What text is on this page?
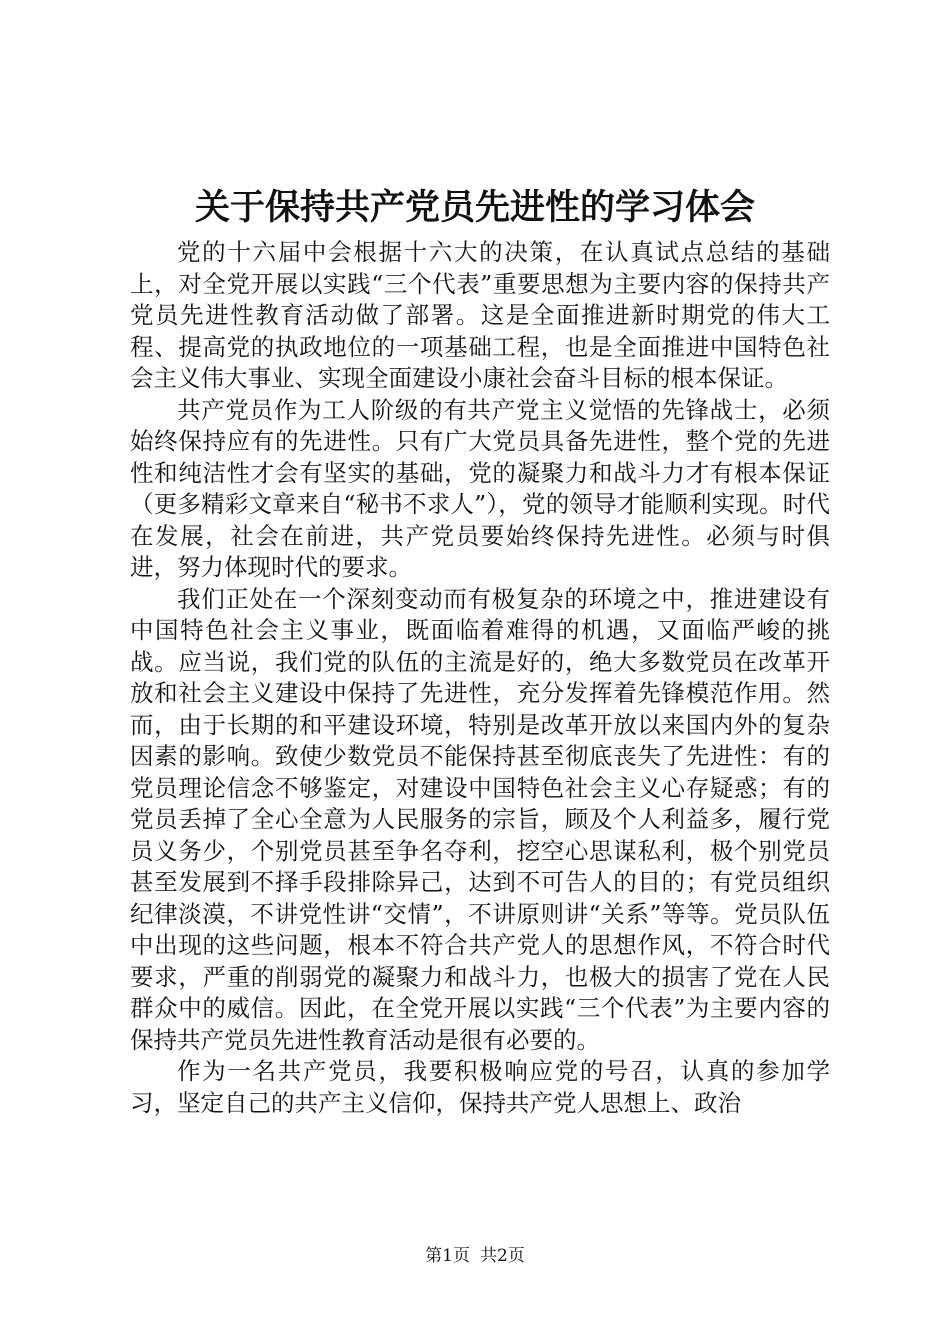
关于保持共产党员先进性的学习体会

党的十六届中会根据十六大的决策，在认真试点总结的基础上，对全党开展以实践“三个代表”重要思想为主要内容的保持共产党员先进性教育活动做了部署。这是全面推进新时期党的伟大工程、提高党的执政地位的一项基础工程，也是全面推进中国特色社会主义伟大事业、实现全面建设小康社会奋斗目标的根本保证。

共产党员作为工人阶级的有共产党主义觉悟的先锋战士，必须始终保持应有的先进性。只有广大党员具备先进性，整个党的先进性和纯洁性才会有坚实的基础，党的凝聚力和战斗力才有根本保证（更多精彩文章来自“秘书不求人”），党的领导才能顺利实现。时代在发展，社会在前进，共产党员要始终保持先进性。必须与时俱进，努力体现时代的要求。

我们正处在一个深刻变动而有极复杂的环境之中，推进建设有中国特色社会主义事业，既面临着难得的机遇，又面临严峻的挑战。应当说，我们党的队伍的主流是好的，绝大多数党员在改革开放和社会主义建设中保持了先进性，充分发挥着先锋模范作用。然而，由于长期的和平建设环境，特别是改革开放以来国内外的复杂因素的影响。致使少数党员不能保持甚至彻底丧失了先进性：有的党员理论信念不够鉴定，对建设中国特色社会主义心存疑惑；有的党员丢掉了全心全意为人民服务的宗旨，顾及个人利益多，履行党员义务少，个别党员甚至争名夺利，挖空心思谋私利，极个别党员甚至发展到不择手段排除异己，达到不可告人的目的；有党员组织纪律淡漠，不讲党性讲“交情”，不讲原则讲“关系”等等。党员队伍中出现的这些问题，根本不符合共产党人的思想作风，不符合时代要求，严重的削弱党的凝聚力和战斗力，也极大的损害了党在人民群众中的威信。因此，在全党开展以实践“三个代表”为主要内容的保持共产党员先进性教育活动是很有必要的。

作为一名共产党员，我要积极响应党的号召，认真的参加学习，坚定自己的共产主义信仰，保持共产党人思想上、政治

第1页 共2页
